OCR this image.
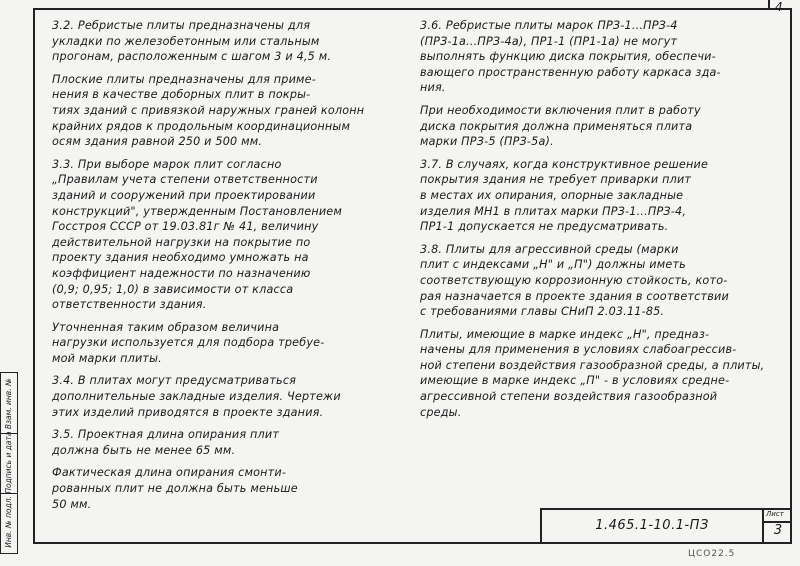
4

3.2. Ребристые плиты предназначены для

укладки по железобетонным или стальным

прогонам, расположенным с шагом 3 и 4,5 м.

Плоские плиты предназначены для приме-

нения в качестве доборных плит в покры-

тиях зданий с привязкой наружных граней колонн

крайних рядов к продольным координационным

осям здания равной 250 и 500 мм.

3.3. При выборе марок плит согласно

„Правилам учета степени ответственности

зданий и сооружений при проектировании

конструкций", утвержденным Постановлением

Госстроя СССР от 19.03.81г № 41, величину

действительной нагрузки на покрытие по

проекту здания необходимо умножать на

коэффициент надежности по назначению

(0,9; 0,95; 1,0) в зависимости от класса

ответственности здания.

Уточненная таким образом величина

нагрузки используется для подбора требуе-

мой марки плиты.

3.4. В плитах могут предусматриваться

дополнительные закладные изделия. Чертежи

этих изделий приводятся в проекте здания.

3.5. Проектная длина опирания плит

должна быть не менее 65 мм.

Фактическая длина опирания смонти-

рованных плит не должна быть меньше

50 мм.

3.6. Ребристые плиты марок ПРЗ-1...ПРЗ-4

(ПРЗ-1а...ПРЗ-4а), ПР1-1 (ПР1-1а) не могут

выполнять функцию диска покрытия, обеспечи-

вающего пространственную работу каркаса зда-

ния.

При необходимости включения плит в работу

диска покрытия должна применяться плита

марки ПРЗ-5 (ПРЗ-5а).

3.7. В случаях, когда конструктивное решение

покрытия здания не требует приварки плит

в местах их опирания, опорные закладные

изделия МН1 в плитах марки ПРЗ-1...ПРЗ-4,

ПР1-1 допускается не предусматривать.

3.8. Плиты для агрессивной среды (марки

плит с индексами „Н" и „П") должны иметь

соответствующую коррозионную стойкость, кото-

рая назначается в проекте здания в соответствии

с требованиями главы СНиП 2.03.11-85.

Плиты, имеющие в марке индекс „Н", предназ-

начены для применения в условиях слабоагрессив-

ной степени воздействия газообразной среды, а плиты,

имеющие в марке индекс „П" - в условиях средне-

агрессивной степени воздействия газообразной

среды.

Инв. № подл. Подпись и дата Взам. инв. №	1.465.1-10.1-ПЗ
Лист
3
ЦСО22.5
